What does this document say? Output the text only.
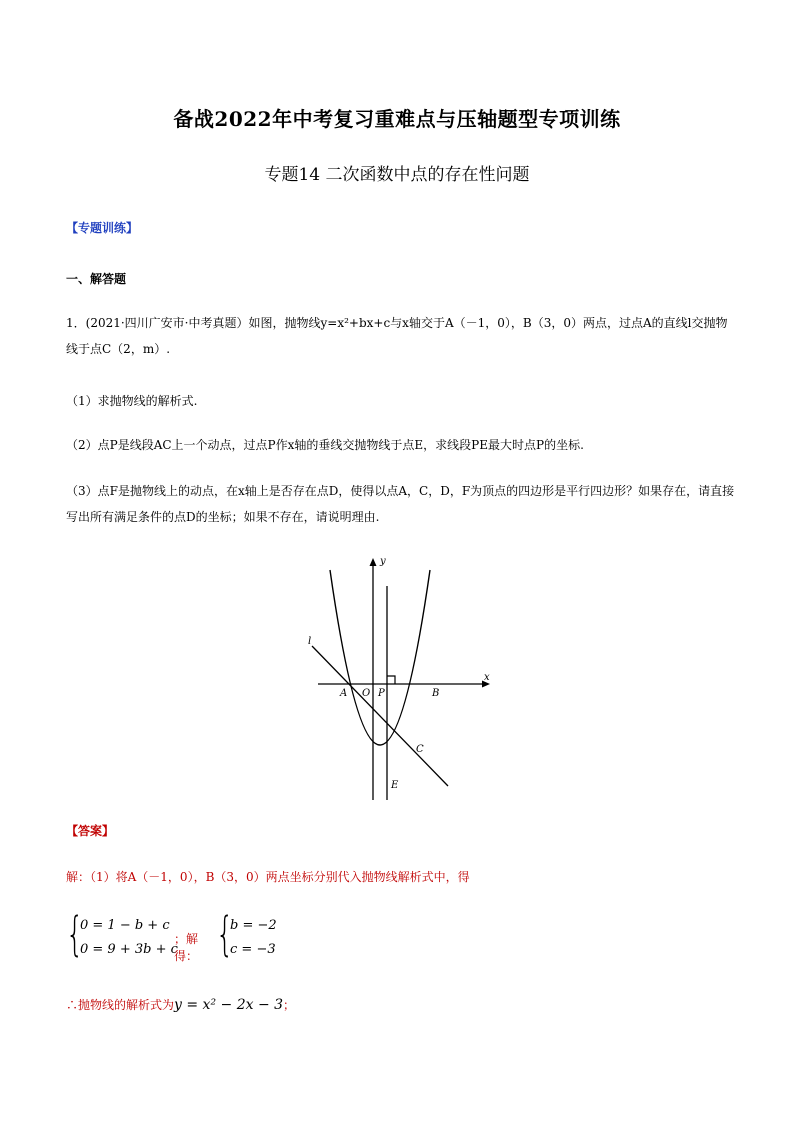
备战2022年中考复习重难点与压轴题型专项训练
专题14 二次函数中点的存在性问题
【专题训练】
一、解答题
1．(2021·四川广安市·中考真题）如图，抛物线y=x²+bx+c与x轴交于A（－1，0），B（3，0）两点，过点A的直线l交抛物线于点C（2，m）.
（1）求抛物线的解析式.
（2）点P是线段AC上一个动点，过点P作x轴的垂线交抛物线于点E，求线段PE最大时点P的坐标.
（3）点F是抛物线上的动点，在x轴上是否存在点D，使得以点A，C，D，F为顶点的四边形是平行四边形？如果存在，请直接写出所有满足条件的点D的坐标；如果不存在，请说明理由.
y
x
l
A O P	B
C
E
【答案】
解：（1）将A（－1，0），B（3，0）两点坐标分别代入抛物线解析式中，得
{
0 = 1 − b + c
0 = 9 + 3b + c
；解得： {
b = −2
c = −3
∴抛物线的解析式为y = x² − 2x − 3；
